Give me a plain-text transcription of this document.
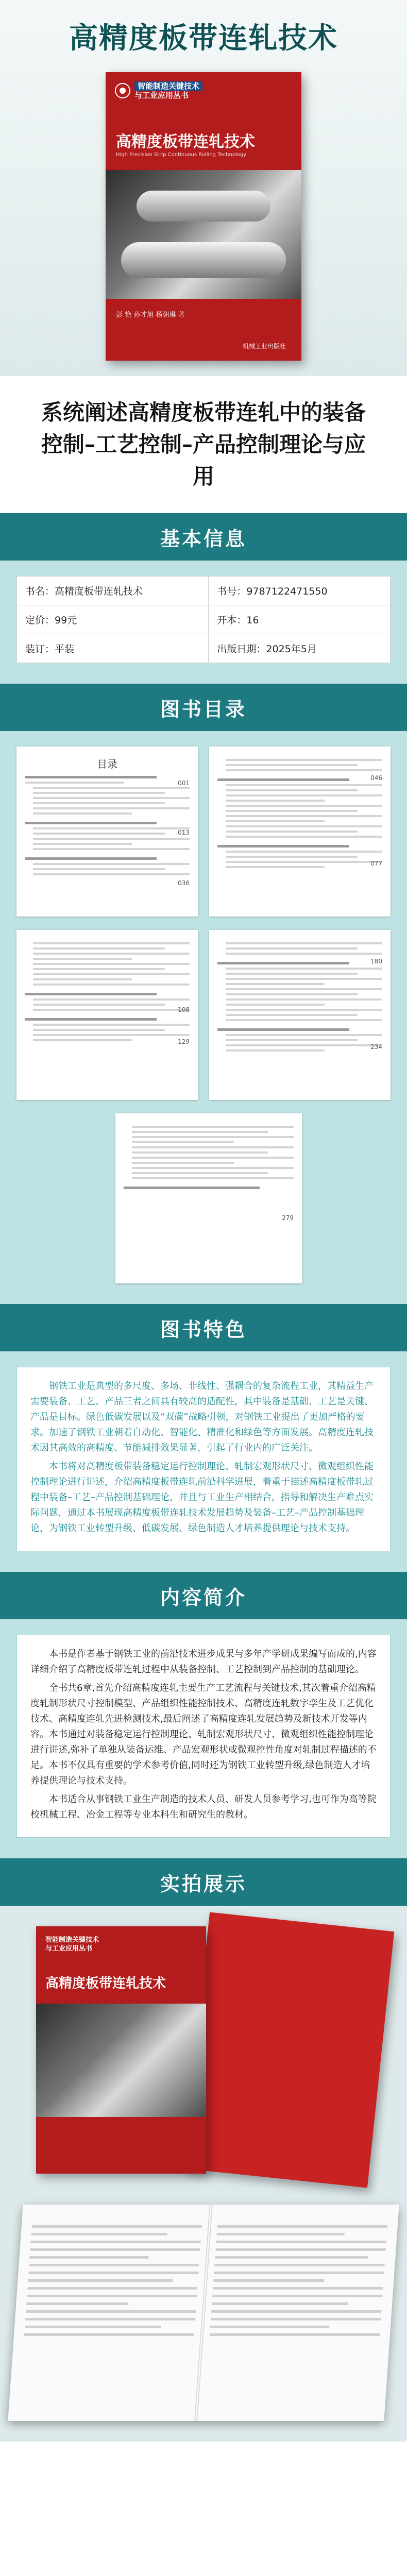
高精度板带连轧技术
智能制造关键技术
与工业应用丛书
高精度板带连轧技术
High Precision Strip Continuous Rolling Technology
彭 艳 孙才旭 杨朝琳 著
机械工业出版社
系统阐述高精度板带连轧中的装备控制–工艺控制–产品控制理论与应用
基本信息
书名：高精度板带连轧技术	书号：9787122471550
定价：99元	开本：16
装订：平装	出版日期：2025年5月
图书目录
目录
001
013
036
046
077
108
129
180
234
279
图书特色

钢铁工业是典型的多尺度、多场、非线性、强耦合的复杂流程工业，其精益生产需要装备、工艺、产品三者之间具有较高的适配性，其中装备是基础、工艺是关键、产品是目标。绿色低碳发展以及“双碳”战略引领，对钢铁工业提出了更加严格的要求。加速了钢铁工业朝着自动化、智能化、精准化和绿色等方面发展。高精度连轧技术因其高效的高精度、节能减排效果显著，引起了行业内的广泛关注。

本书将对高精度板带装备稳定运行控制理论、轧制宏观形状尺寸、微观组织性能控制理论进行讲述，介绍高精度板带连轧前沿科学进展，着重于描述高精度板带轧过程中装备–工艺–产品控制基础理论，并且与工业生产相结合，指导和解决生产难点实际问题，通过本书展现高精度板带连轧技术发展趋势及装备–工艺–产品控制基础理论，为钢铁工业转型升级、低碳发展、绿色制造人才培养提供理论与技术支持。

内容简介

本书是作者基于钢铁工业的前沿技术进步成果与多年产学研成果编写而成的,内容详细介绍了高精度板带连轧过程中从装备控制、工艺控制到产品控制的基础理论。

全书共6章,首先介绍高精度连轧主要生产工艺流程与关键技术,其次着重介绍高精度轧制形状尺寸控制模型、产品组织性能控制技术、高精度连轧数字孪生及工艺优化技术、高精度连轧先进检测技术,最后阐述了高精度连轧发展趋势及新技术开发等内容。本书通过对装备稳定运行控制理论、轧制宏观形状尺寸、微观组织性能控制理论进行讲述,弥补了单独从装备运维、产品宏观形状或微观控性角度对轧制过程描述的不足。本书不仅具有重要的学术参考价值,同时还为钢铁工业转型升级,绿色制造人才培养提供理论与技术支持。

本书适合从事钢铁工业生产制造的技术人员、研发人员参考学习,也可作为高等院校机械工程、冶金工程等专业本科生和研究生的教材。

实拍展示
智能制造关键技术
与工业应用丛书
高精度板带连轧技术
